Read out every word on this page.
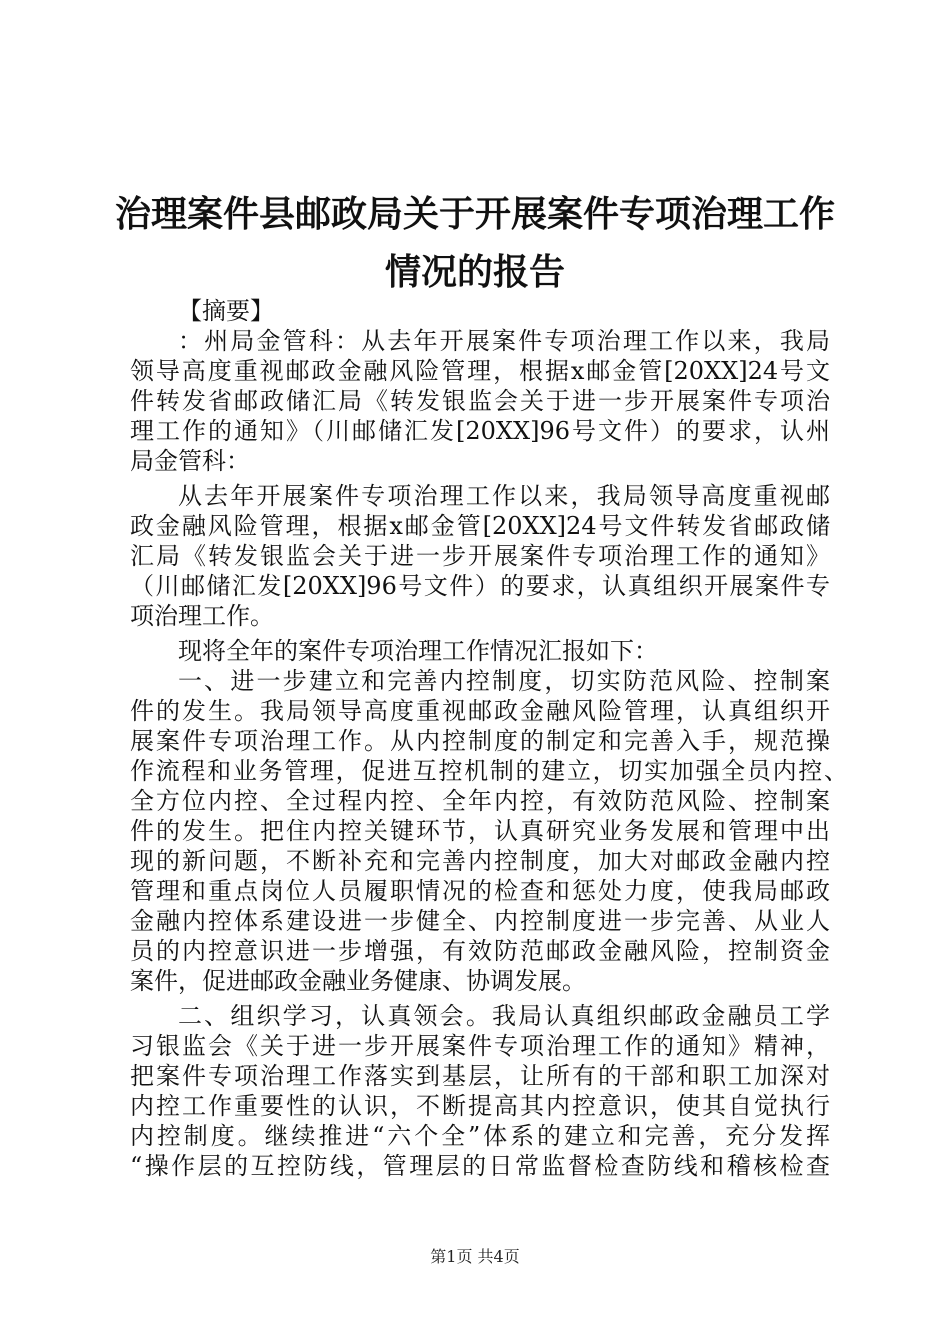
治理案件县邮政局关于开展案件专项治理工作
情况的报告
【摘要】
：州局金管科：从去年开展案件专项治理工作以来，我局
领导高度重视邮政金融风险管理，根据x邮金管[20XX]24号文
件转发省邮政储汇局《转发银监会关于进一步开展案件专项治
理工作的通知》（川邮储汇发[20XX]96号文件）的要求，认州
局金管科：
从去年开展案件专项治理工作以来，我局领导高度重视邮
政金融风险管理，根据x邮金管[20XX]24号文件转发省邮政储
汇局《转发银监会关于进一步开展案件专项治理工作的通知》
（川邮储汇发[20XX]96号文件）的要求，认真组织开展案件专
项治理工作。
现将全年的案件专项治理工作情况汇报如下：
一、进一步建立和完善内控制度，切实防范风险、控制案
件的发生。我局领导高度重视邮政金融风险管理，认真组织开
展案件专项治理工作。从内控制度的制定和完善入手，规范操
作流程和业务管理，促进互控机制的建立，切实加强全员内控、
全方位内控、全过程内控、全年内控，有效防范风险、控制案
件的发生。把住内控关键环节，认真研究业务发展和管理中出
现的新问题，不断补充和完善内控制度，加大对邮政金融内控
管理和重点岗位人员履职情况的检查和惩处力度，使我局邮政
金融内控体系建设进一步健全、内控制度进一步完善、从业人
员的内控意识进一步增强，有效防范邮政金融风险，控制资金
案件，促进邮政金融业务健康、协调发展。
二、组织学习，认真领会。我局认真组织邮政金融员工学
习银监会《关于进一步开展案件专项治理工作的通知》精神，
把案件专项治理工作落实到基层，让所有的干部和职工加深对
内控工作重要性的认识，不断提高其内控意识，使其自觉执行
内控制度。继续推进“六个全”体系的建立和完善，充分发挥
“操作层的互控防线，管理层的日常监督检查防线和稽核检查
第1页 共4页
